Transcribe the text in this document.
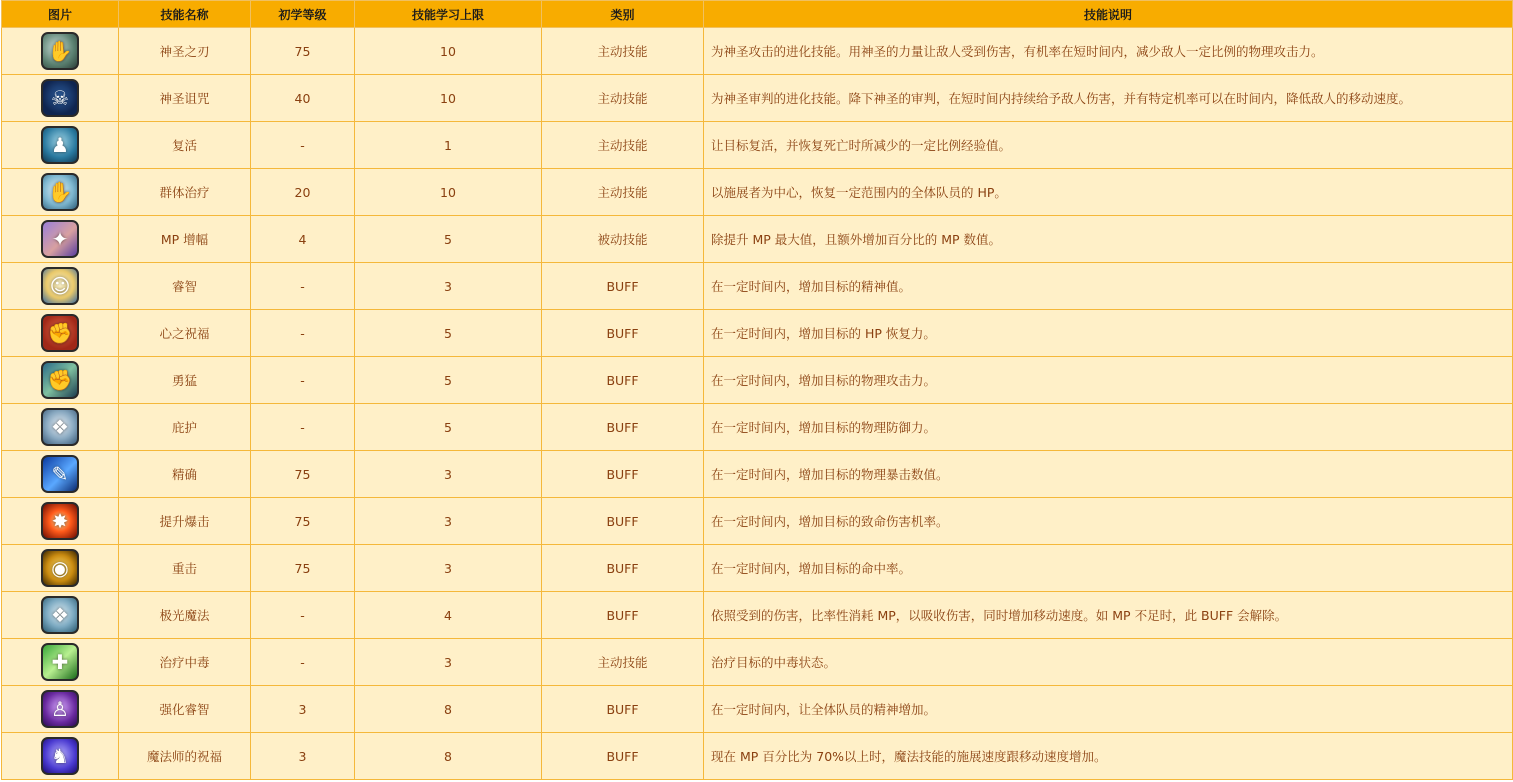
图片	技能名称	初学等级	技能学习上限	类别	技能说明

✋	神圣之刃	75	10	主动技能	为神圣攻击的进化技能。用神圣的力量让敌人受到伤害，有机率在短时间内，减少敌人一定比例的物理攻击力。

☠	神圣诅咒	40	10	主动技能	为神圣审判的进化技能。降下神圣的审判，在短时间内持续给予敌人伤害，并有特定机率可以在时间内，降低敌人的移动速度。

♟	复活	-	1	主动技能	让目标复活，并恢复死亡时所减少的一定比例经验值。

✋	群体治疗	20	10	主动技能	以施展者为中心，恢复一定范围内的全体队员的 HP。

✦	MP 增幅	4	5	被动技能	除提升 MP 最大值，且额外增加百分比的 MP 数值。

☺	睿智	-	3	BUFF	在一定时间内，增加目标的精神值。

✊	心之祝福	-	5	BUFF	在一定时间内，增加目标的 HP 恢复力。

✊	勇猛	-	5	BUFF	在一定时间内，增加目标的物理攻击力。

❖	庇护	-	5	BUFF	在一定时间内，增加目标的物理防御力。

✎	精确	75	3	BUFF	在一定时间内，增加目标的物理暴击数值。

✸	提升爆击	75	3	BUFF	在一定时间内，增加目标的致命伤害机率。

◉	重击	75	3	BUFF	在一定时间内，增加目标的命中率。

❖	极光魔法	-	4	BUFF	依照受到的伤害，比率性消耗 MP，以吸收伤害，同时增加移动速度。如 MP 不足时，此 BUFF 会解除。

✚	治疗中毒	-	3	主动技能	治疗目标的中毒状态。

♙	强化睿智	3	8	BUFF	在一定时间内，让全体队员的精神增加。

♞	魔法师的祝福	3	8	BUFF	现在 MP 百分比为 70%以上时，魔法技能的施展速度跟移动速度增加。
